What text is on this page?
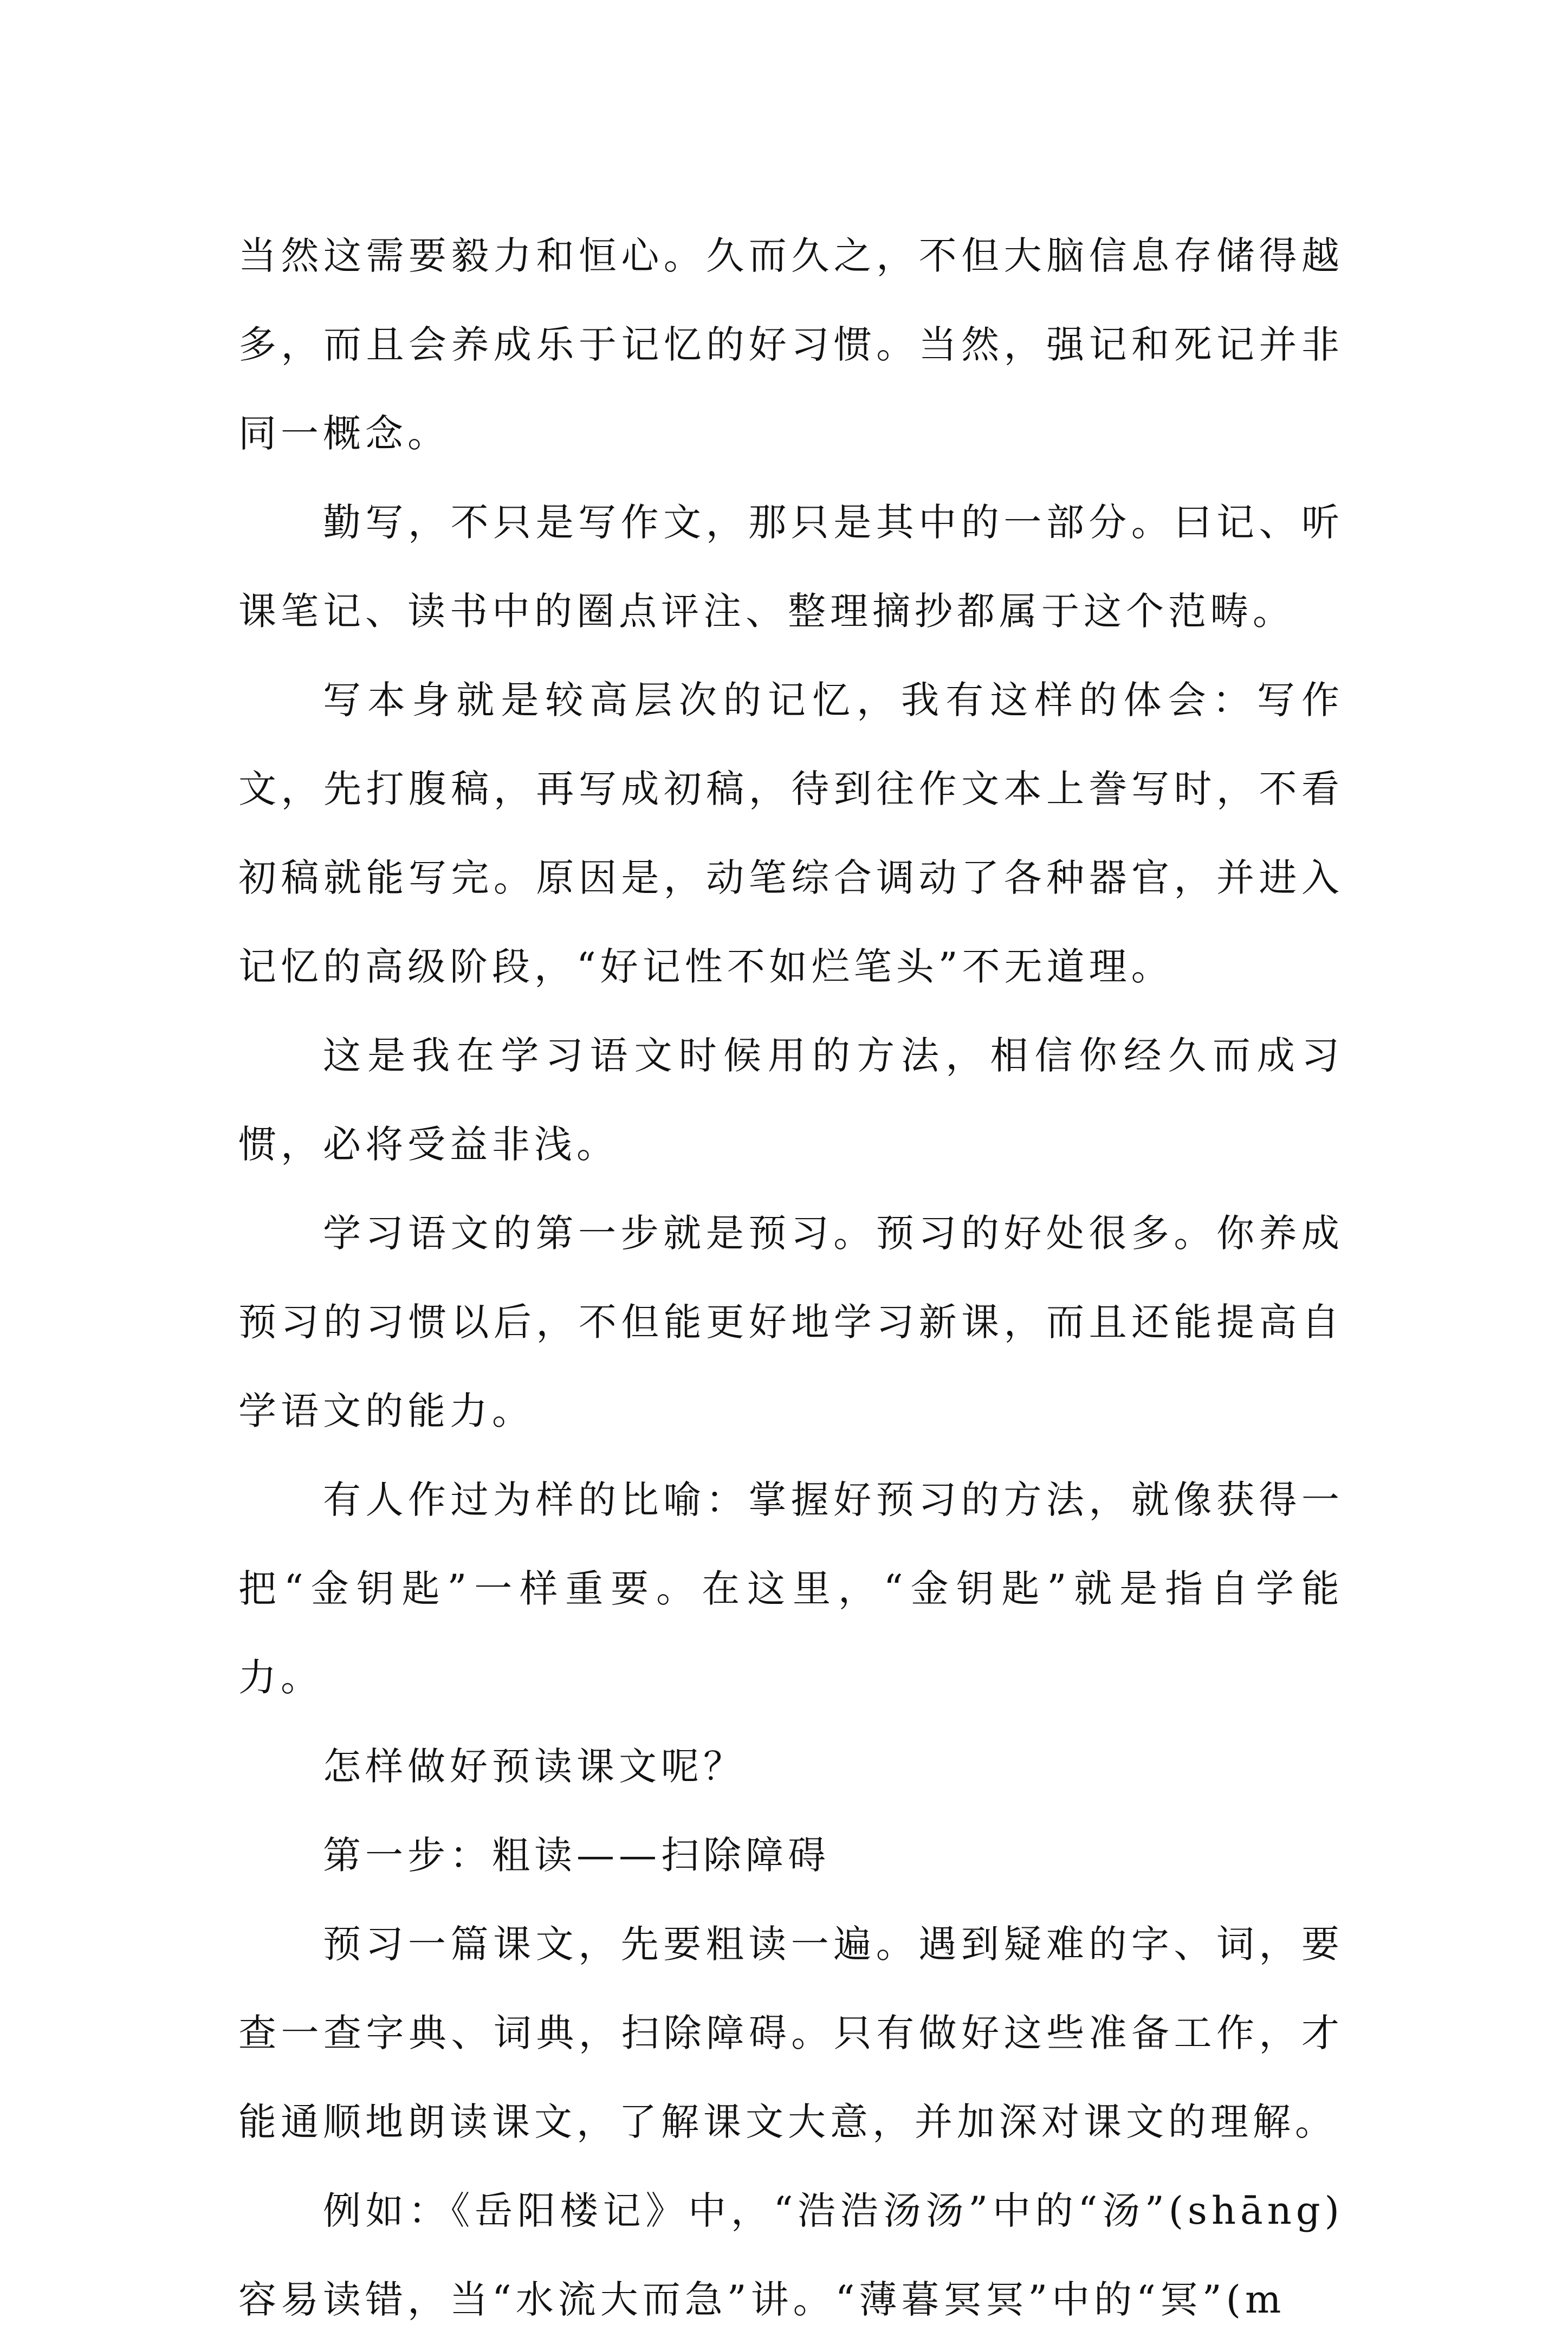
当然这需要毅力和恒心。久而久之，不但大脑信息存储得越多，而且会养成乐于记忆的好习惯。当然，强记和死记并非同一概念。

勤写，不只是写作文，那只是其中的一部分。曰记、听课笔记、读书中的圈点评注、整理摘抄都属于这个范畴。

写本身就是较高层次的记忆，我有这样的体会：写作文，先打腹稿，再写成初稿，待到往作文本上誊写时，不看初稿就能写完。原因是，动笔综合调动了各种器官，并进入记忆的高级阶段，“好记性不如烂笔头”不无道理。

这是我在学习语文时候用的方法，相信你经久而成习惯，必将受益非浅。

学习语文的第一步就是预习。预习的好处很多。你养成预习的习惯以后，不但能更好地学习新课，而且还能提高自学语文的能力。

有人作过为样的比喻：掌握好预习的方法，就像获得一把“金钥匙”一样重要。在这里，“金钥匙”就是指自学能力。

怎样做好预读课文呢？

第一步：粗读——扫除障碍

预习一篇课文，先要粗读一遍。遇到疑难的字、词，要查一查字典、词典，扫除障碍。只有做好这些准备工作，才能通顺地朗读课文，了解课文大意，并加深对课文的理解。

例如：《岳阳楼记》中，“浩浩汤汤”中的“汤”(shāng)容易读错，当“水流大而急”讲。“薄暮冥冥”中的“冥”(m
